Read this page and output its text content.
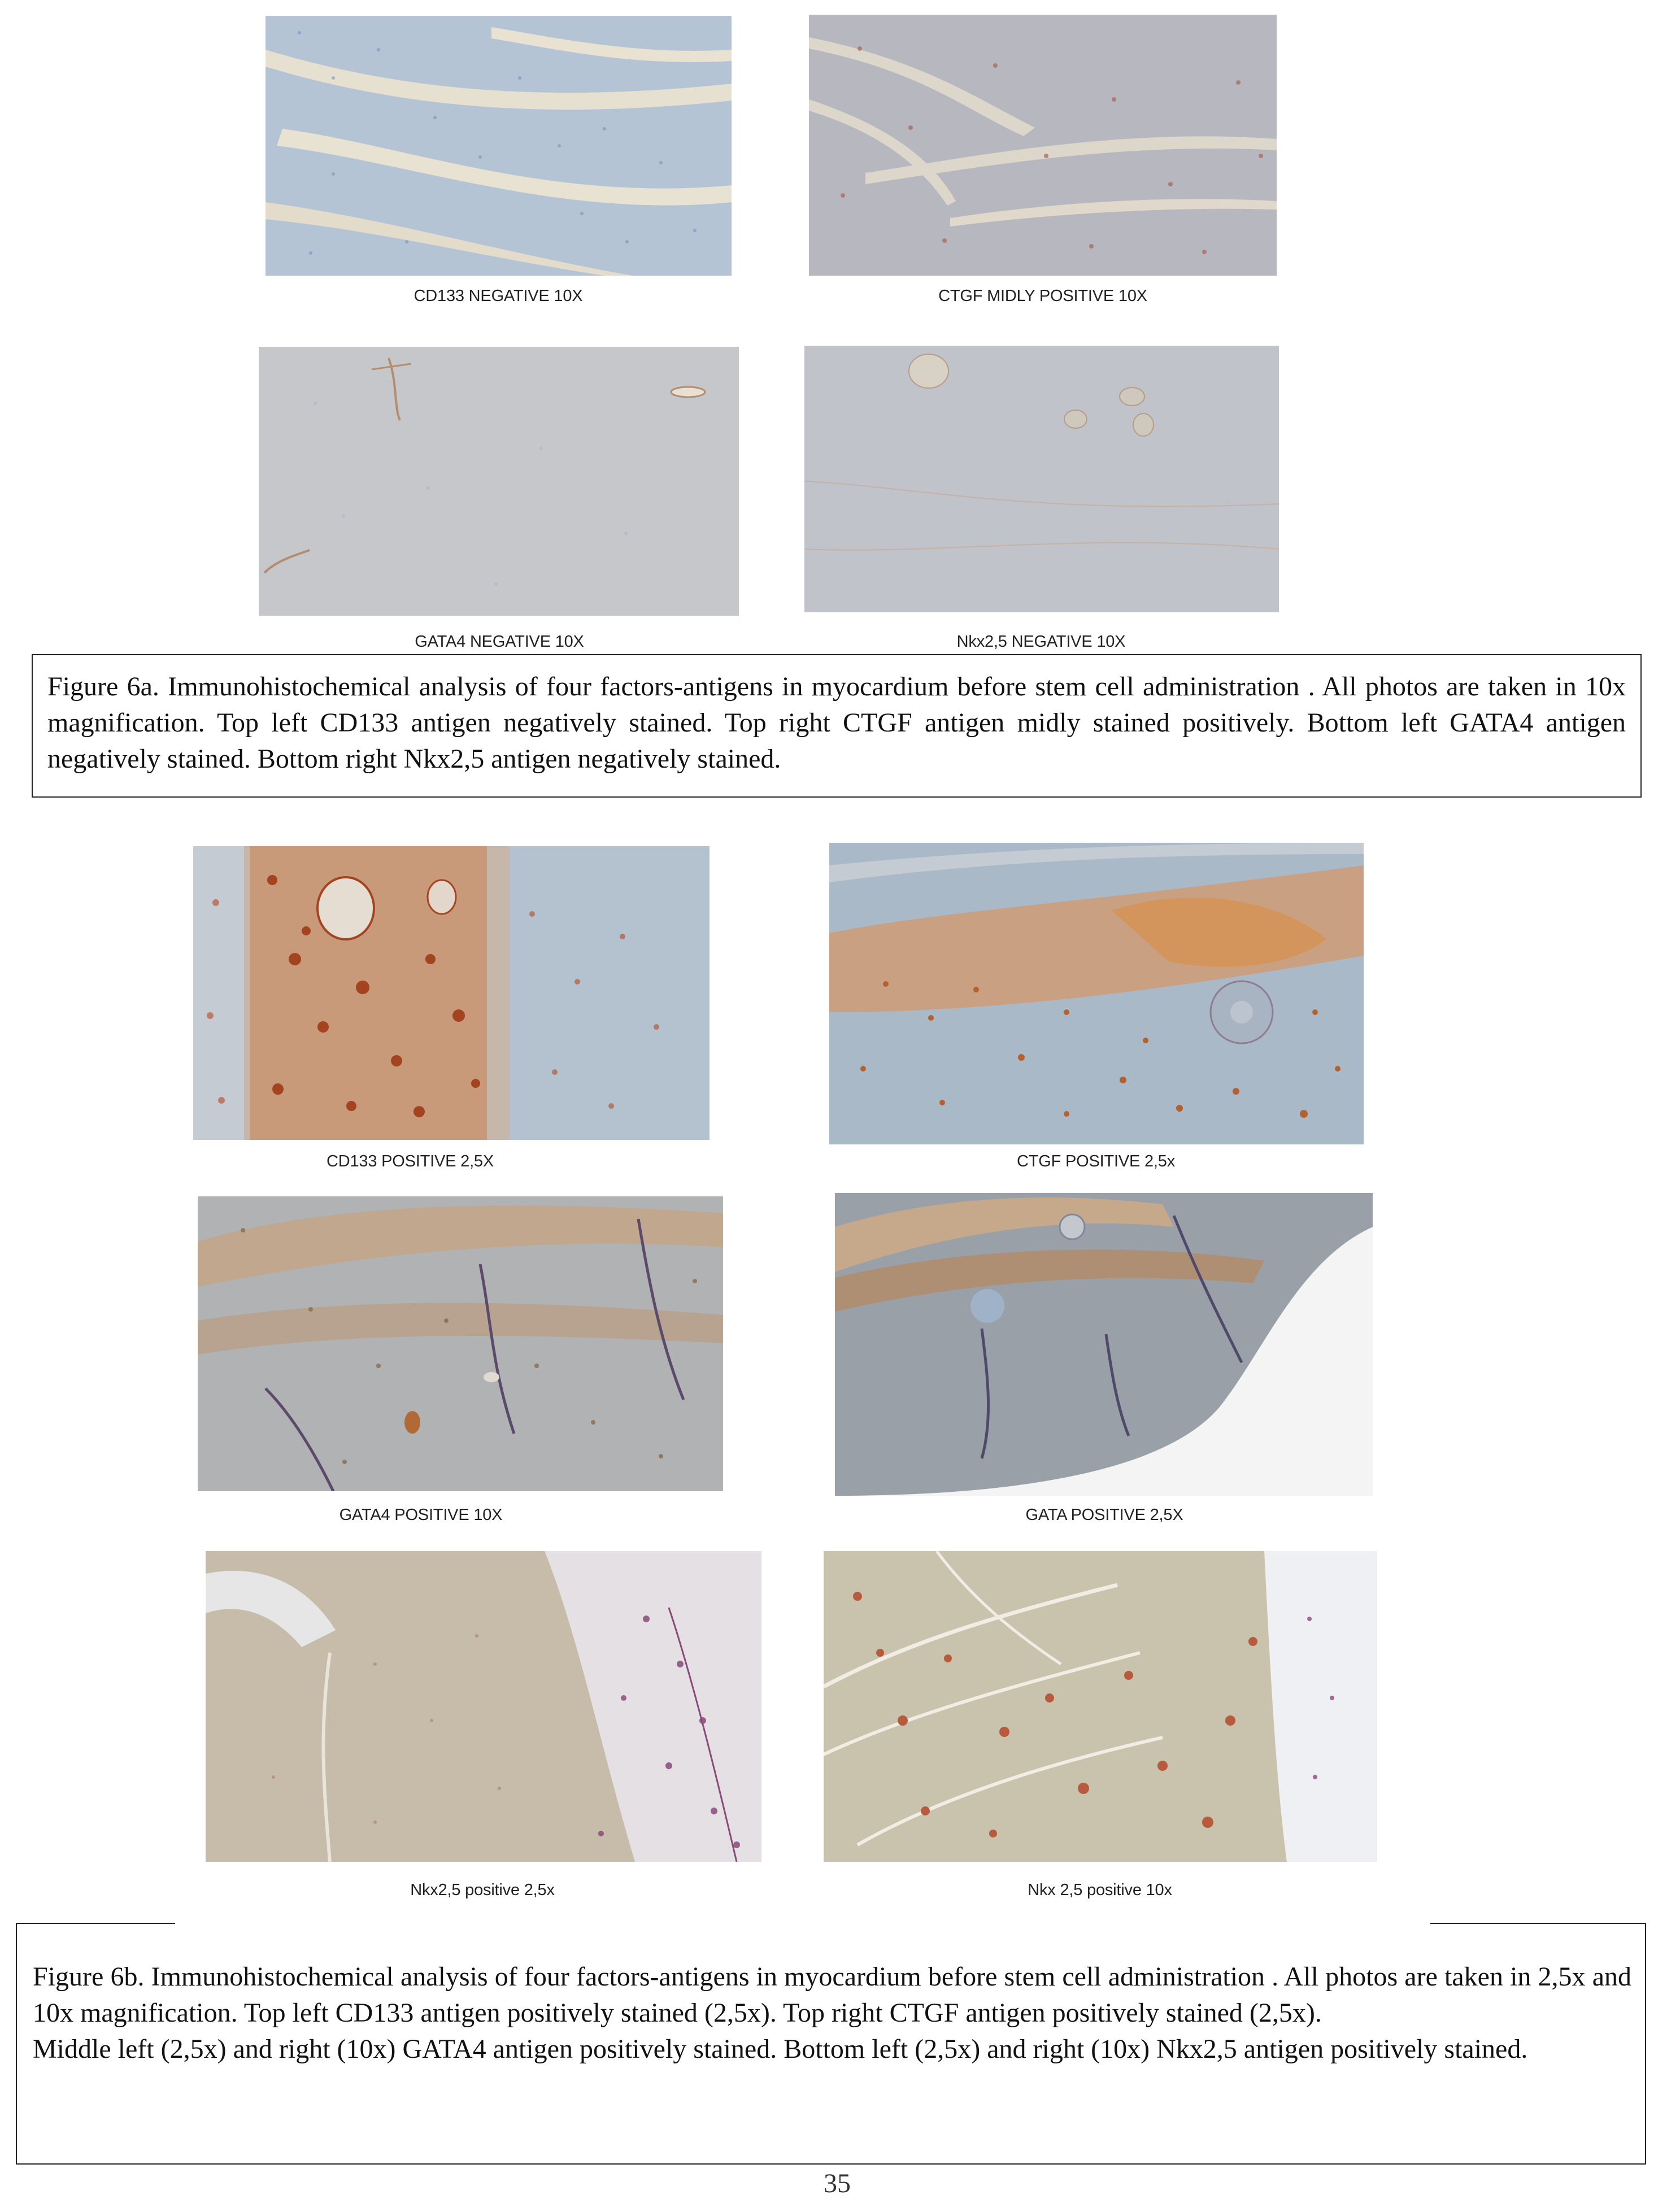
CD133 NEGATIVE 10X	CTGF MIDLY POSITIVE 10X
GATA4 NEGATIVE 10X	Nkx2,5 NEGATIVE 10X

Figure 6a. Immunohistochemical analysis of four factors-antigens in myocardium before stem cell administration . All photos are taken in 10x magnification. Top left CD133 antigen negatively stained. Top right CTGF antigen midly stained positively. Bottom left GATA4 antigen negatively stained. Bottom right Nkx2,5 antigen negatively stained.

CD133 POSITIVE 2,5X	CTGF POSITIVE 2,5x
GATA4 POSITIVE 10X	GATA POSITIVE 2,5X
Nkx2,5 positive 2,5x	Nkx 2,5 positive 10x

Figure 6b. Immunohistochemical analysis of four factors-antigens in myocardium before stem cell administration . All photos are taken in 2,5x and 10x magnification. Top left CD133 antigen positively stained (2,5x). Top right CTGF antigen positively stained (2,5x).

Middle left (2,5x) and right (10x) GATA4 antigen positively stained. Bottom left (2,5x) and right (10x) Nkx2,5 antigen positively stained.

35
